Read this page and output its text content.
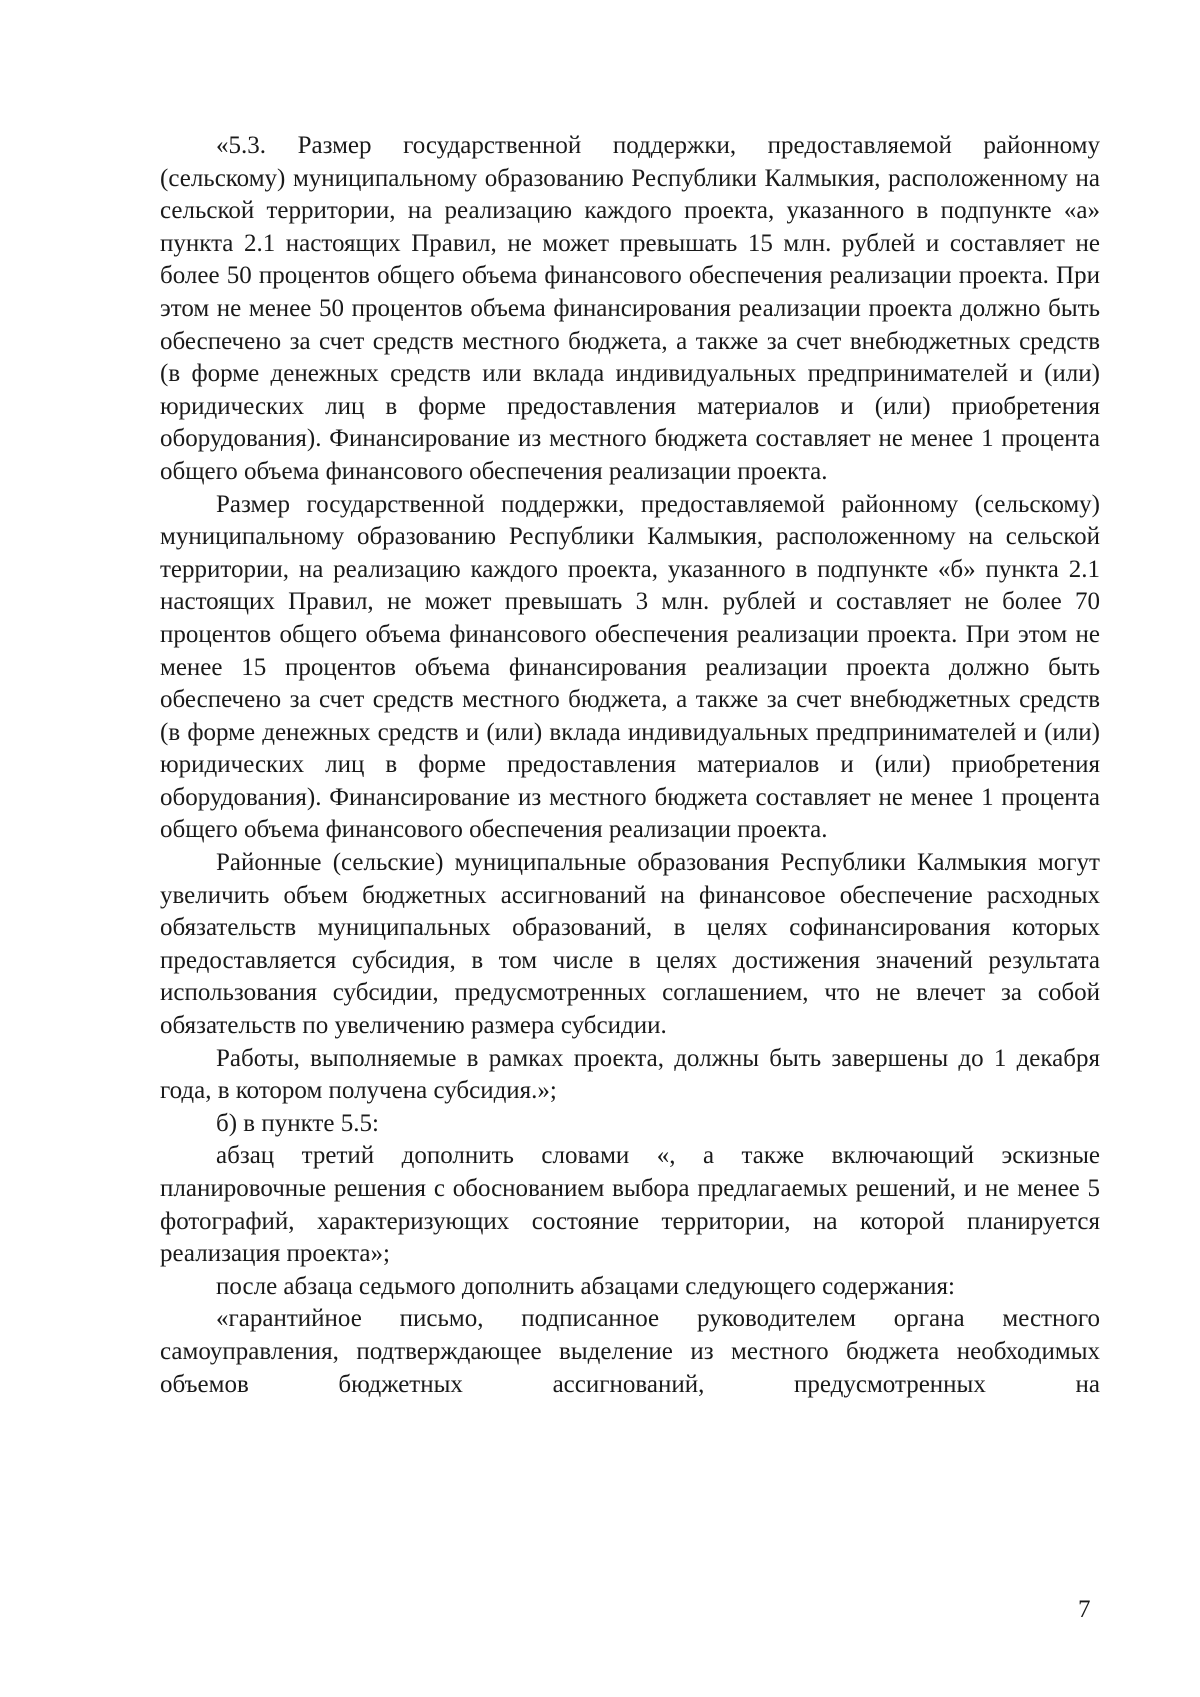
«5.3. Размер государственной поддержки, предоставляемой районному (сельскому) муниципальному образованию Республики Калмыкия, расположенному на сельской территории, на реализацию каждого проекта, указанного в подпункте «а» пункта 2.1 настоящих Правил, не может превышать 15 млн. рублей и составляет не более 50 процентов общего объема финансового обеспечения реализации проекта. При этом не менее 50 процентов объема финансирования реализации проекта должно быть обеспечено за счет средств местного бюджета, а также за счет внебюджетных средств (в форме денежных средств или вклада индивидуальных предпринимателей и (или) юридических лиц в форме предоставления материалов и (или) приобретения оборудования). Финансирование из местного бюджета составляет не менее 1 процента общего объема финансового обеспечения реализации проекта.

Размер государственной поддержки, предоставляемой районному (сельскому) муниципальному образованию Республики Калмыкия, расположенному на сельской территории, на реализацию каждого проекта, указанного в подпункте «б» пункта 2.1 настоящих Правил, не может превышать 3 млн. рублей и составляет не более 70 процентов общего объема финансового обеспечения реализации проекта. При этом не менее 15 процентов объема финансирования реализации проекта должно быть обеспечено за счет средств местного бюджета, а также за счет внебюджетных средств (в форме денежных средств и (или) вклада индивидуальных предпринимателей и (или) юридических лиц в форме предоставления материалов и (или) приобретения оборудования). Финансирование из местного бюджета составляет не менее 1 процента общего объема финансового обеспечения реализации проекта.

Районные (сельские) муниципальные образования Республики Калмыкия могут увеличить объем бюджетных ассигнований на финансовое обеспечение расходных обязательств муниципальных образований, в целях софинансирования которых предоставляется субсидия, в том числе в целях достижения значений результата использования субсидии, предусмотренных соглашением, что не влечет за собой обязательств по увеличению размера субсидии.

Работы, выполняемые в рамках проекта, должны быть завершены до 1 декабря года, в котором получена субсидия.»;

б) в пункте 5.5:

абзац третий дополнить словами «, а также включающий эскизные планировочные решения с обоснованием выбора предлагаемых решений, и не менее 5 фотографий, характеризующих состояние территории, на которой планируется реализация проекта»;

после абзаца седьмого дополнить абзацами следующего содержания:

«гарантийное письмо, подписанное руководителем органа местного самоуправления, подтверждающее выделение из местного бюджета необходимых объемов бюджетных ассигнований, предусмотренных на

7
